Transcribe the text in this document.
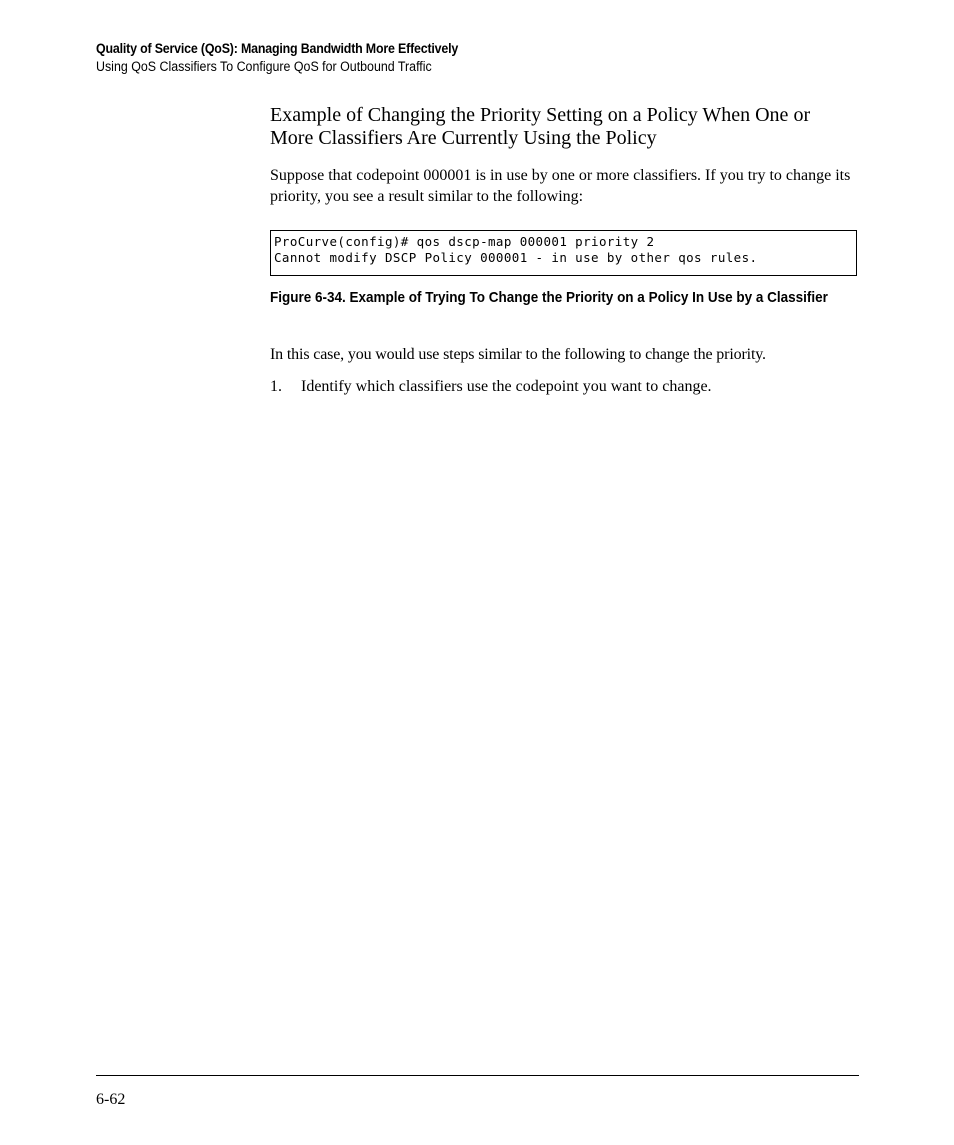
Quality of Service (QoS): Managing Bandwidth More Effectively
Using QoS Classifiers To Configure QoS for Outbound Traffic
Example of Changing the Priority Setting on a Policy When One or More Classifiers Are Currently Using the Policy

Suppose that codepoint 000001 is in use by one or more classifiers. If you try to change its priority, you see a result similar to the following:

ProCurve(config)# qos dscp-map 000001 priority 2
Cannot modify DSCP Policy 000001 - in use by other qos rules.
Figure 6-34. Example of Trying To Change the Priority on a Policy In Use by a Classifier

In this case, you would use steps similar to the following to change the priority.

1. Identify which classifiers use the codepoint you want to change.
6-62
